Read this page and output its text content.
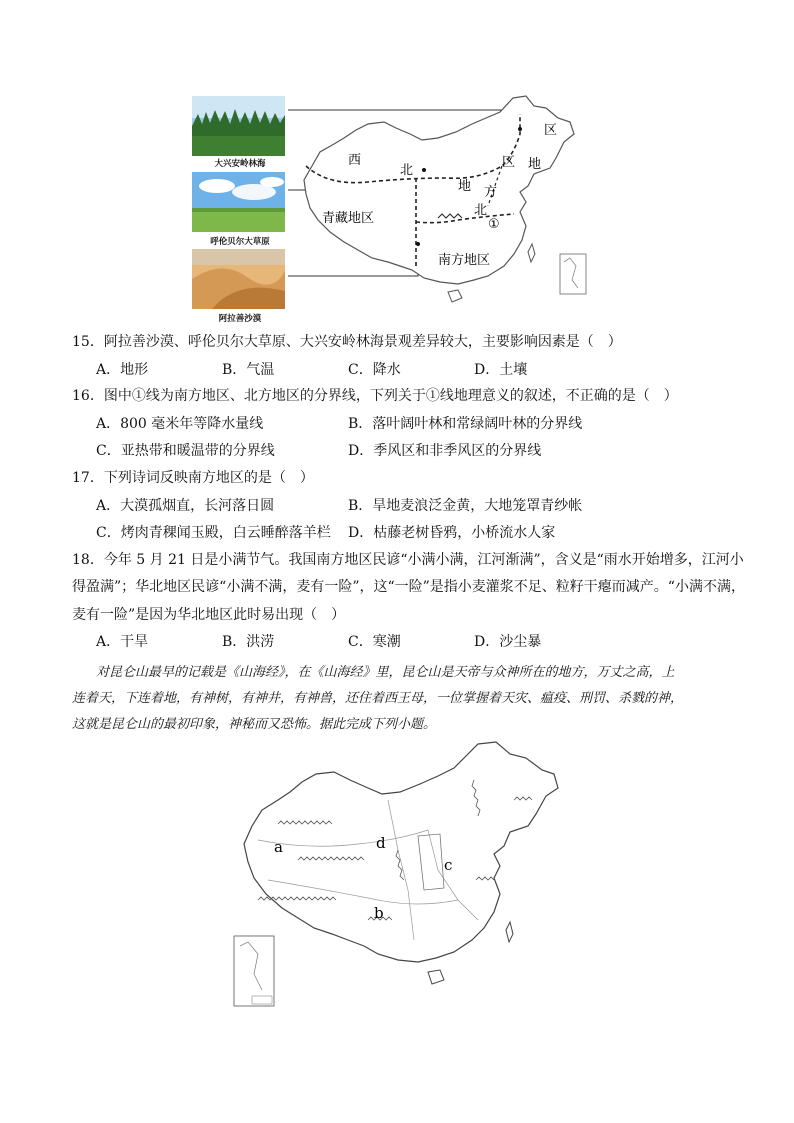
大兴安岭林海
呼伦贝尔大草原
阿拉善沙漠
西
北
青藏地区
地 方
北
区
区 地
①
南方地区
15．阿拉善沙漠、呼伦贝尔大草原、大兴安岭林海景观差异较大，主要影响因素是（　）
A．地形	B．气温	C．降水	D．土壤
16．图中①线为南方地区、北方地区的分界线，下列关于①线地理意义的叙述，不正确的是（　）
A．800 毫米年等降水量线	B．落叶阔叶林和常绿阔叶林的分界线
C．亚热带和暖温带的分界线	D．季风区和非季风区的分界线
17．下列诗词反映南方地区的是（　）
A．大漠孤烟直，长河落日圆	B．旱地麦浪泛金黄，大地笼罩青纱帐
C．烤肉青稞闻玉殿，白云睡醉落羊栏 D．枯藤老树昏鸦，小桥流水人家
18．今年 5 月 21 日是小满节气。我国南方地区民谚“小满小满，江河渐满”，含义是“雨水开始增多，江河小
得盈满”；华北地区民谚“小满不满，麦有一险”，这“一险”是指小麦灌浆不足、粒籽干瘪而减产。“小满不满，
麦有一险”是因为华北地区此时易出现（　）
A．干旱	B．洪涝	C．寒潮	D．沙尘暴
对昆仑山最早的记载是《山海经》，在《山海经》里，昆仑山是天帝与众神所在的地方，万丈之高，上
连着天，下连着地，有神树，有神井，有神兽，还住着西王母，一位掌握着天灾、瘟疫、刑罚、杀戮的神，
这就是昆仑山的最初印象，神秘而又恐怖。据此完成下列小题。
a
b
c
d
